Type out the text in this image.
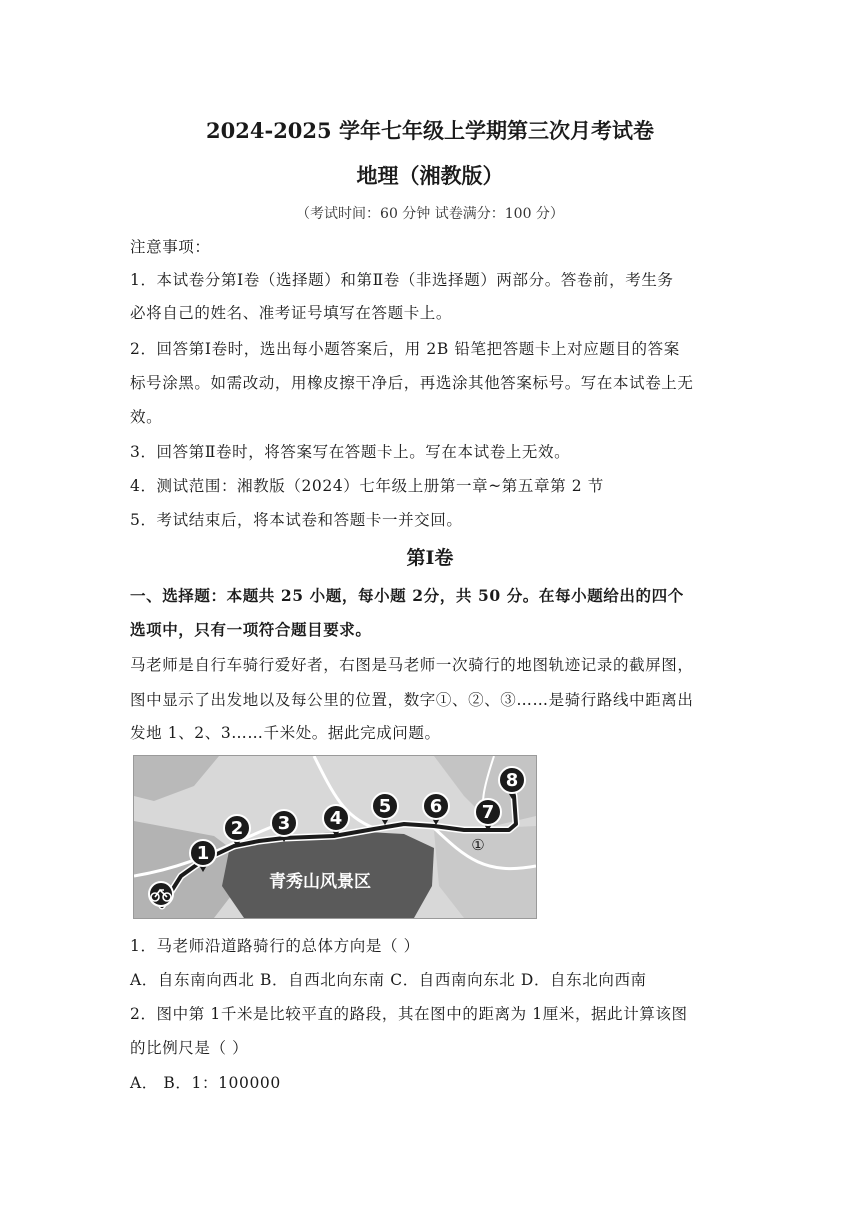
2024-2025 学年七年级上学期第三次月考试卷
地理（湘教版）
（考试时间：60 分钟 试卷满分：100 分）
注意事项：
1．本试卷分第Ⅰ卷（选择题）和第Ⅱ卷（非选择题）两部分。答卷前，考生务
必将自己的姓名、准考证号填写在答题卡上。
2．回答第Ⅰ卷时，选出每小题答案后，用 2B 铅笔把答题卡上对应题目的答案
标号涂黑。如需改动，用橡皮擦干净后，再选涂其他答案标号。写在本试卷上无
效。
3．回答第Ⅱ卷时，将答案写在答题卡上。写在本试卷上无效。
4．测试范围：湘教版（2024）七年级上册第一章~第五章第 2 节
5．考试结束后，将本试卷和答题卡一并交回。
第Ⅰ卷
一、选择题：本题共 25 小题，每小题 2分，共 50 分。在每小题给出的四个
选项中，只有一项符合题目要求。
马老师是自行车骑行爱好者，右图是马老师一次骑行的地图轨迹记录的截屏图，
图中显示了出发地以及每公里的位置，数字①、②、③……是骑行路线中距离出
发地 1、2、3……千米处。据此完成问题。
1
2 3 4
5 6 7
8
青秀山风景区
①
1．马老师沿道路骑行的总体方向是（ ）
A．自东南向西北 B．自西北向东南 C．自西南向东北 D．自东北向西南
2．图中第 1千米是比较平直的路段，其在图中的距离为 1厘米，据此计算该图
的比例尺是（ ）
A． B．1：100000
